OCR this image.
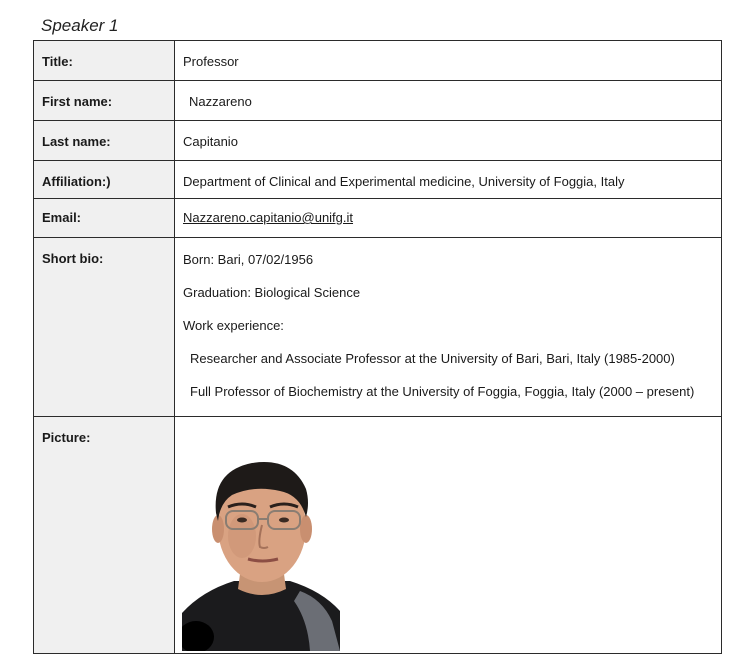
Speaker 1
Title:	Professor
First name:	Nazzareno
Last name:	Capitanio
Affiliation:)	Department of Clinical and Experimental medicine, University of Foggia, Italy
Email:	Nazzareno.capitanio@unifg.it
Short bio:	Born: Bari, 07/02/1956
Graduation: Biological Science
Work experience:
Researcher and Associate Professor at the University of Bari, Bari, Italy (1985-2000)
Full Professor of Biochemistry at the University of Foggia, Foggia, Italy (2000 – present)

Picture:	
